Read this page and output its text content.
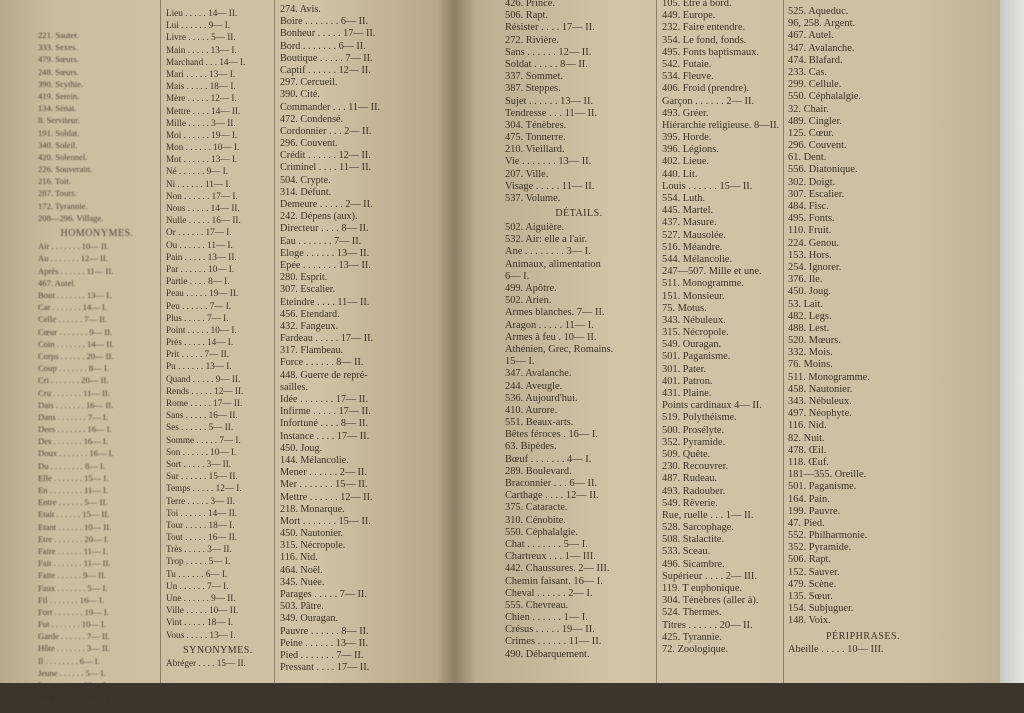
221. Sauter.
333. Sexes.
479. Sœurs.
248. Sœurs.
390. Scythie.
419. Serein.
134. Sénat.
8. Serviteur.
191. Soldat.
340. Soleil.
420. Solennel.
226. Souverain.
216. Toit.
287. Tours.
172. Tyrannie.
208—296. Village.
HOMONYMES.
Air . . . . . . . 10— II.
Au . . . . . . . 12— II.
Après . . . . . . 11— II.
467. Autel.
Bout . . . . . . . 13— I.
Car . . . . . . . 14— I.
Celle . . . . . . 7— II.
Cœur . . . . . . . 9— II.
Coin . . . . . . . 14— II.
Corps . . . . . . 20— II.
Coup . . . . . . . 8— I.
Cri . . . . . . . 20— II.
Cru . . . . . . . 11— II.
Dais . . . . . . . 16— II.
Dans . . . . . . . 7— I.
Dees . . . . . . . 16— I.
Des . . . . . . . 16— I.
Doux . . . . . . . 16— I.
Du . . . . . . . . 8— I.
Elle . . . . . . . 15— I.
En . . . . . . . . 11— I.
Entre . . . . . . 5— II.
Etait . . . . . . 15— II.
Etant . . . . . . 10— II.
Etre . . . . . . . 20— I.
Faire . . . . . . 11— I.
Fait . . . . . . . 11— II.
Faite . . . . . . 9— II.
Faux . . . . . . . 5— I.
Fil . . . . . . . 16— I.
Fort . . . . . . . 19— I.
Fut . . . . . . . 10— I.
Garde . . . . . . 7— II.
Hôte . . . . . . . 3— II.
Il . . . . . . . . 6— I.
Jeune . . . . . . 5— I.
La . . . . . . . . 12— I.
Leur . . . . . . . 17— I.
Lieu . . . . . 14— II.
Lui . . . . . . 9— I.
Livre . . . . . 5— II.
Main . . . . . 13— I.
Marchand . . . 14— I.
Mari . . . . . 13— I.
Mais . . . . . 18— I.
Mère . . . . . 12— I.
Mettre . . . . 14— II.
Mille . . . . . 3— II.
Moi . . . . . . 19— I.
Mon . . . . . . 10— I.
Mot . . . . . . 13— I.
Né . . . . . . 9— I.
Ni . . . . . . 11— I.
Non . . . . . . 17— I.
Nous . . . . . 14— II.
Nulle . . . . . 16— II.
Or . . . . . . 17— I.
Ou . . . . . . 11— I.
Pain . . . . . 13— II.
Par . . . . . . 10— I.
Partie . . . . 8— I.
Peau . . . . . 19— II.
Peu . . . . . . 7— I.
Plus . . . . . 7— I.
Point . . . . . 10— I.
Près . . . . . 14— I.
Prit . . . . . 7— II.
Pu . . . . . . 13— I.
Quand . . . . . 9— II.
Rends . . . . . 12— II.
Rome . . . . . 17— II.
Sans . . . . . 16— II.
Ses . . . . . . 5— II.
Somme . . . . . 7— I.
Son . . . . . . 10— I.
Sort . . . . . 3— II.
Sur . . . . . . 15— II.
Temps . . . . . 12— I.
Terre . . . . . 3— II.
Toi . . . . . . 14— II.
Tour . . . . . 18— I.
Tout . . . . . 16— II.
Très . . . . . 3— II.
Trop . . . . . 5— I.
Tu . . . . . . 6— I.
Un . . . . . . 7— I.
Une . . . . . . 9— II.
Ville . . . . . 10— II.
Vint . . . . . 18— I.
Vous . . . . . 13— I.
SYNONYMES.
Abréger . . . . 15— II.
274. Avis.
Boire . . . . . . . 6— II.
Bonheur . . . . . 17— II.
Bord . . . . . . . 6— II.
Boutique . . . . . 7— II.
Captif . . . . . . 12— II.
297. Cercueil.
390. Cité.
Commander . . . 11— II.
472. Condensé.
Cordonnier . . . 2— II.
296. Couvent.
Crédit . . . . . . 12— II.
Criminel . . . . 11— II.
504. Crypte.
314. Défunt.
Demeure . . . . . 2— II.
242. Dépens (aux).
Directeur . . . . 8— II.
Eau . . . . . . . 7— II.
Eloge . . . . . . 13— II.
Epée . . . . . . . 13— II.
280. Esprit.
307. Escalier.
Eteindre . . . . 11— II.
456. Etendard.
432. Fangeux.
Fardeau . . . . . 17— II.
317. Flambeau.
Force . . . . . . 8— II.
448. Guerre de repré-
sailles.
Idée . . . . . . . 17— II.
Infirme . . . . . 17— II.
Infortuné . . . . 8— II.
Instance . . . . 17— II.
450. Joug.
144. Mélancolie.
Mener . . . . . . 2— II.
Mer . . . . . . . 15— II.
Mettre . . . . . . 12— II.
218. Monarque.
Mort . . . . . . . 15— II.
450. Nautonier.
315. Nécropole.
116. Nid.
464. Noël.
345. Nuée.
Parages . . . . . 7— II.
503. Pâtre.
349. Ouragan.
Pauvre . . . . . . 8— II.
Peine . . . . . . 13— II.
Pied . . . . . . . 7— II.
Pressant . . . . 17— II.
426. Prince.
506. Rapt.
Résister . . . . 17— II.
272. Rivière.
Sans . . . . . . 12— II.
Soldat . . . . . 8— II.
337. Sommet.
387. Steppes.
Sujet . . . . . . 13— II.
Tendresse . . . 11— II.
304. Ténèbres.
475. Tonnerre.
210. Vieillard.
Vie . . . . . . . 13— II.
207. Ville.
Visage . . . . . 11— II.
537. Volume.
DÉTAILS.
502. Aiguière.
532. Air: elle a l'air.
Ane . . . . . . . . 3— I.
Animaux, alimentation
6— I.
499. Apôtre.
502. Arien.
Armes blanches. 7— II.
Aragon . . . . . 11— I.
Armes à feu . 10— II.
Athénien, Grec, Romains.
15— I.
347. Avalanche.
244. Aveugle.
536. Aujourd'hui.
410. Aurore.
551. Beaux-arts.
Bêtes féroces . 16— I.
63. Bipèdes.
Bœuf . . . . . . . 4— I.
289. Boulevard.
Braconnier . . . 6— II.
Carthage . . . . 12— II.
375. Cataracte.
310. Cénobite.
550. Céphalalgie.
Chat . . . . . . . 5— I.
Chartreux . . . 1— III.
442. Chaussures. 2— III.
Chemin faisant. 16— I.
Cheval . . . . . . 2— I.
555. Chevreau.
Chien . . . . . . 1— I.
Crésus . . . . . 19— II.
Crimes . . . . . . 11— II.
490. Débarquement.
105. Etre à bord.
449. Europe.
232. Faire entendre.
354. Le fond, fonds.
495. Fonts baptismaux.
542. Futaie.
534. Fleuve.
406. Froid (prendre).
Garçon . . . . . . 2— II.
493. Gréer.
Hiérarchie religieuse. 8—II.
395. Horde.
396. Légions.
402. Lieue.
440. Lit.
Louis . . . . . . 15— II.
554. Luth.
445. Martel.
437. Masure.
527. Mausolée.
516. Méandre.
544. Mélancolie.
247—507. Mille et une.
511. Monogramme.
151. Monsieur.
75. Motus.
343. Nébuleux.
315. Nécropole.
549. Ouragan.
501. Paganisme.
301. Pater.
401. Patron.
431. Plaine.
Points cardinaux 4— II.
519. Polythéisme.
500. Prosélyte.
352. Pyramide.
509. Quête.
230. Recouvrer.
487. Rudeau.
493. Radouber.
549. Rêverie.
Rue, ruelle . . . 1— II.
528. Sarcophage.
508. Stalactite.
533. Sceau.
496. Sicambre.
Supérieur . . . . 2— III.
119. T euphonique.
304. Ténèbres (aller à).
524. Thermes.
Titres . . . . . . 20— II.
425. Tyrannie.
72. Zoologique.
525. Aqueduc.
96, 258. Argent.
467. Autel.
347. Avalanche.
474. Blafard.
233. Cas.
299. Cellule.
550. Céphalalgie.
32. Chair.
489. Cingler.
125. Cœur.
296. Couvent.
61. Dent.
556. Diatonique.
302. Doigt.
307. Escalier.
484. Fisc.
495. Fonts.
110. Fruit.
224. Genou.
153. Hors.
254. Ignorer.
376. Ile.
450. Joug.
53. Lait.
482. Legs.
488. Lest.
520. Mœurs.
332. Mois.
76. Moins.
511. Monogramme.
458. Nautonier.
343. Nébuleux.
497. Néophyte.
116. Nid.
82. Nuit.
478. Œil.
118. Œuf.
181—355. Oreille.
501. Paganisme.
164. Pain.
199. Pauvre.
47. Pied.
552. Philharmonie.
352. Pyramide.
506. Rapt.
152. Sauver.
479. Scène.
135. Sœur.
154. Subjuguer.
148. Voix.
PÉRIPHRASES.
Abeille . . . . . 10— III.
